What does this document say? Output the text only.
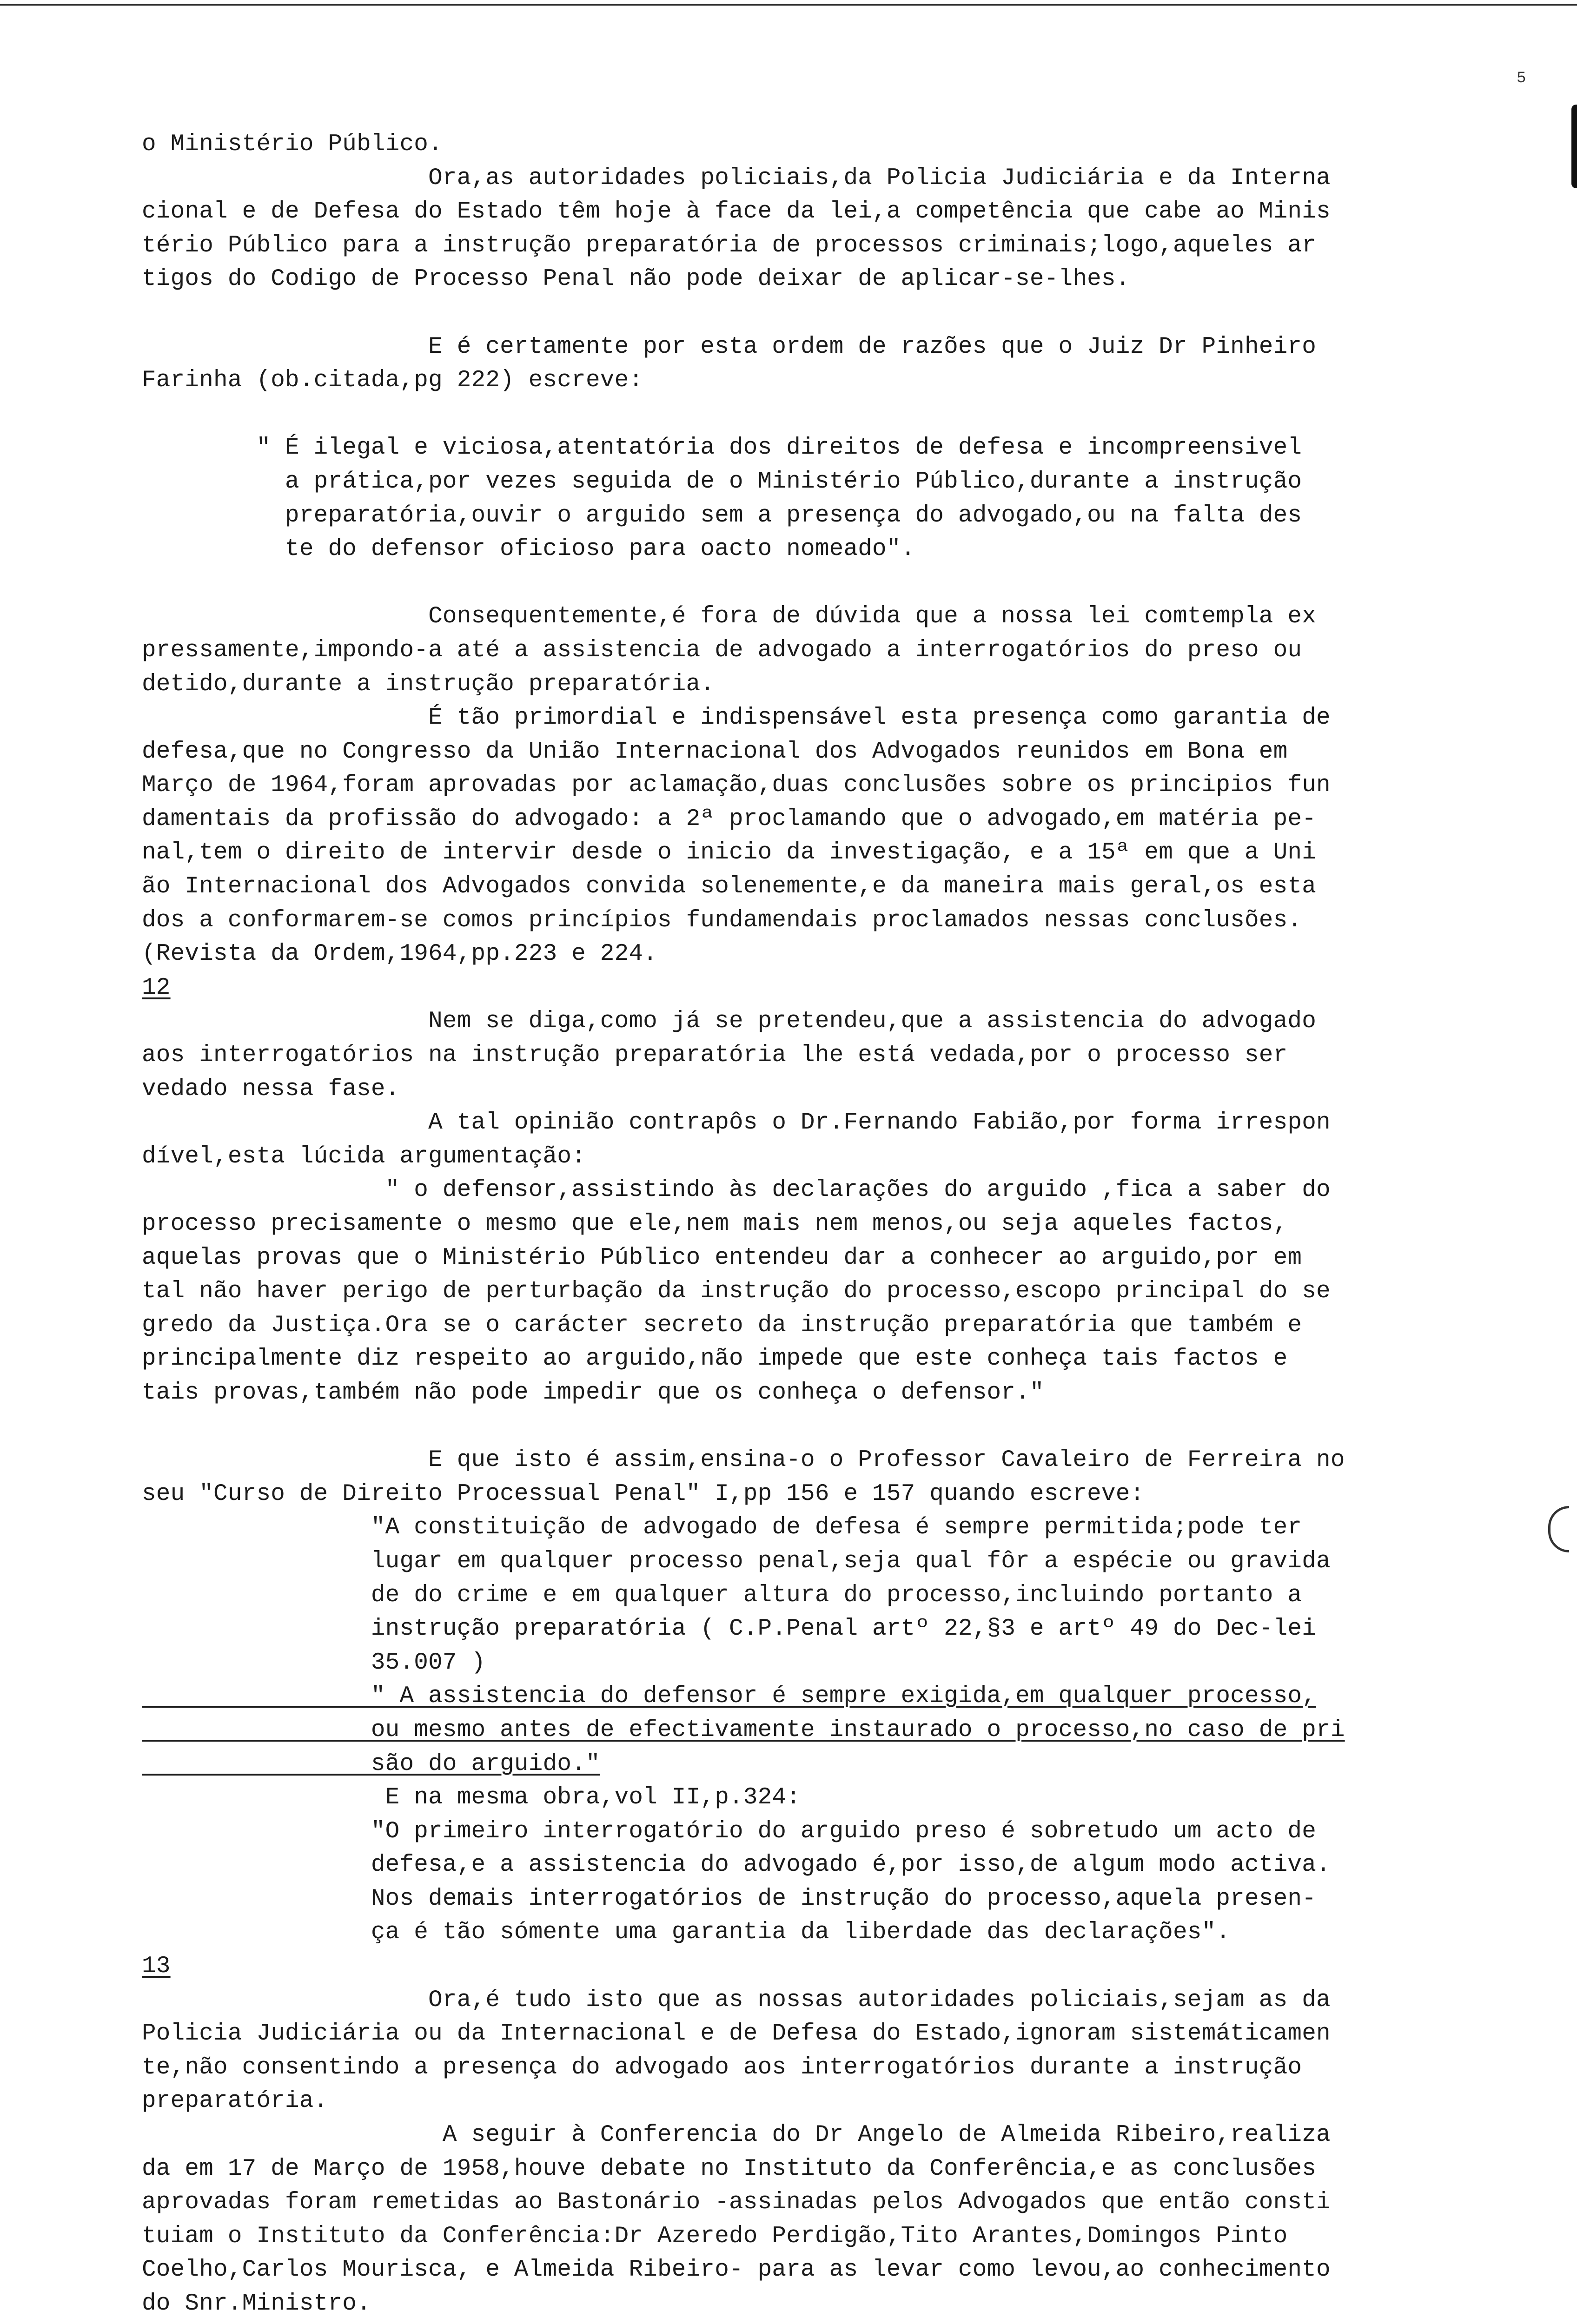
5
o Ministério Público.
Ora,as autoridades policiais,da Policia Judiciária e da Interna
cional e de Defesa do Estado têm hoje à face da lei,a competência que cabe ao Minis
tério Público para a instrução preparatória de processos criminais;logo,aqueles ar
tigos do Codigo de Processo Penal não pode deixar de aplicar-se-lhes.
E é certamente por esta ordem de razões que o Juiz Dr Pinheiro
Farinha (ob.citada,pg 222) escreve:
" É ilegal e viciosa,atentatória dos direitos de defesa e incompreensivel
a prática,por vezes seguida de o Ministério Público,durante a instrução
preparatória,ouvir o arguido sem a presença do advogado,ou na falta des
te do defensor oficioso para oacto nomeado".
Consequentemente,é fora de dúvida que a nossa lei comtempla ex
pressamente,impondo-a até a assistencia de advogado a interrogatórios do preso ou
detido,durante a instrução preparatória.
É tão primordial e indispensável esta presença como garantia de
defesa,que no Congresso da União Internacional dos Advogados reunidos em Bona em
Março de 1964,foram aprovadas por aclamação,duas conclusões sobre os principios fun
damentais da profissão do advogado: a 2ª proclamando que o advogado,em matéria pe-
nal,tem o direito de intervir desde o inicio da investigação, e a 15ª em que a Uni
ão Internacional dos Advogados convida solenemente,e da maneira mais geral,os esta
dos a conformarem-se comos princípios fundamendais proclamados nessas conclusões.
(Revista da Ordem,1964,pp.223 e 224.
12
Nem se diga,como já se pretendeu,que a assistencia do advogado
aos interrogatórios na instrução preparatória lhe está vedada,por o processo ser
vedado nessa fase.
A tal opinião contrapôs o Dr.Fernando Fabião,por forma irrespon
dível,esta lúcida argumentação:
" o defensor,assistindo às declarações do arguido ,fica a saber do
processo precisamente o mesmo que ele,nem mais nem menos,ou seja aqueles factos,
aquelas provas que o Ministério Público entendeu dar a conhecer ao arguido,por em
tal não haver perigo de perturbação da instrução do processo,escopo principal do se
gredo da Justiça.Ora se o carácter secreto da instrução preparatória que também e
principalmente diz respeito ao arguido,não impede que este conheça tais factos e
tais provas,também não pode impedir que os conheça o defensor."
E que isto é assim,ensina-o o Professor Cavaleiro de Ferreira no
seu "Curso de Direito Processual Penal" I,pp 156 e 157 quando escreve:
"A constituição de advogado de defesa é sempre permitida;pode ter
lugar em qualquer processo penal,seja qual fôr a espécie ou gravida
de do crime e em qualquer altura do processo,incluindo portanto a
instrução preparatória ( C.P.Penal artº 22,§3 e artº 49 do Dec-lei
35.007 )
" A assistencia do defensor é sempre exigida,em qualquer processo,
ou mesmo antes de efectivamente instaurado o processo,no caso de pri
são do arguido."
E na mesma obra,vol II,p.324:
"O primeiro interrogatório do arguido preso é sobretudo um acto de
defesa,e a assistencia do advogado é,por isso,de algum modo activa.
Nos demais interrogatórios de instrução do processo,aquela presen-
ça é tão sómente uma garantia da liberdade das declarações".
13
Ora,é tudo isto que as nossas autoridades policiais,sejam as da
Policia Judiciária ou da Internacional e de Defesa do Estado,ignoram sistemáticamen
te,não consentindo a presença do advogado aos interrogatórios durante a instrução
preparatória.
A seguir à Conferencia do Dr Angelo de Almeida Ribeiro,realiza
da em 17 de Março de 1958,houve debate no Instituto da Conferência,e as conclusões
aprovadas foram remetidas ao Bastonário -assinadas pelos Advogados que então consti
tuiam o Instituto da Conferência:Dr Azeredo Perdigão,Tito Arantes,Domingos Pinto
Coelho,Carlos Mourisca, e Almeida Ribeiro- para as levar como levou,ao conhecimento
do Snr.Ministro.
